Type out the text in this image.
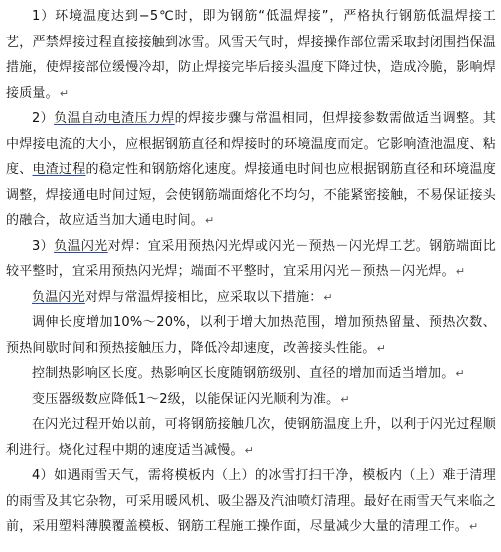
1）环境温度达到−5℃时，即为钢筋“低温焊接”，严格执行钢筋低温焊接工艺，严禁焊接过程直接接触到冰雪。风雪天气时，焊接操作部位需采取封闭围挡保温措施，使焊接部位缓慢冷却，防止焊接完毕后接头温度下降过快，造成冷脆，影响焊接质量。↵

2）负温自动电渣压力焊的焊接步骤与常温相同，但焊接参数需做适当调整。其中焊接电流的大小，应根据钢筋直径和焊接时的环境温度而定。它影响渣池温度、粘度、电渣过程的稳定性和钢筋熔化速度。焊接通电时间也应根据钢筋直径和环境温度调整，焊接通电时间过短，会使钢筋端面熔化不均匀，不能紧密接触，不易保证接头的融合，故应适当加大通电时间。↵

3）负温闪光对焊：宜采用预热闪光焊或闪光－预热－闪光焊工艺。钢筋端面比较平整时，宜采用预热闪光焊；端面不平整时，宜采用闪光－预热－闪光焊。↵

负温闪光对焊与常温焊接相比，应采取以下措施：↵

调伸长度增加10%～20%，以利于增大加热范围，增加预热留量、预热次数、预热间歇时间和预热接触压力，降低冷却速度，改善接头性能。↵

控制热影响区长度。热影响区长度随钢筋级别、直径的增加而适当增加。↵

变压器级数应降低1～2级，以能保证闪光顺利为准。↵

在闪光过程开始以前，可将钢筋接触几次，使钢筋温度上升，以利于闪光过程顺利进行。烧化过程中期的速度适当减慢。↵

4）如遇雨雪天气，需将模板内（上）的冰雪打扫干净，模板内（上）难于清理的雨雪及其它杂物，可采用暖风机、吸尘器及汽油喷灯清理。最好在雨雪天气来临之前，采用塑料薄膜覆盖模板、钢筋工程施工操作面，尽量减少大量的清理工作。↵
